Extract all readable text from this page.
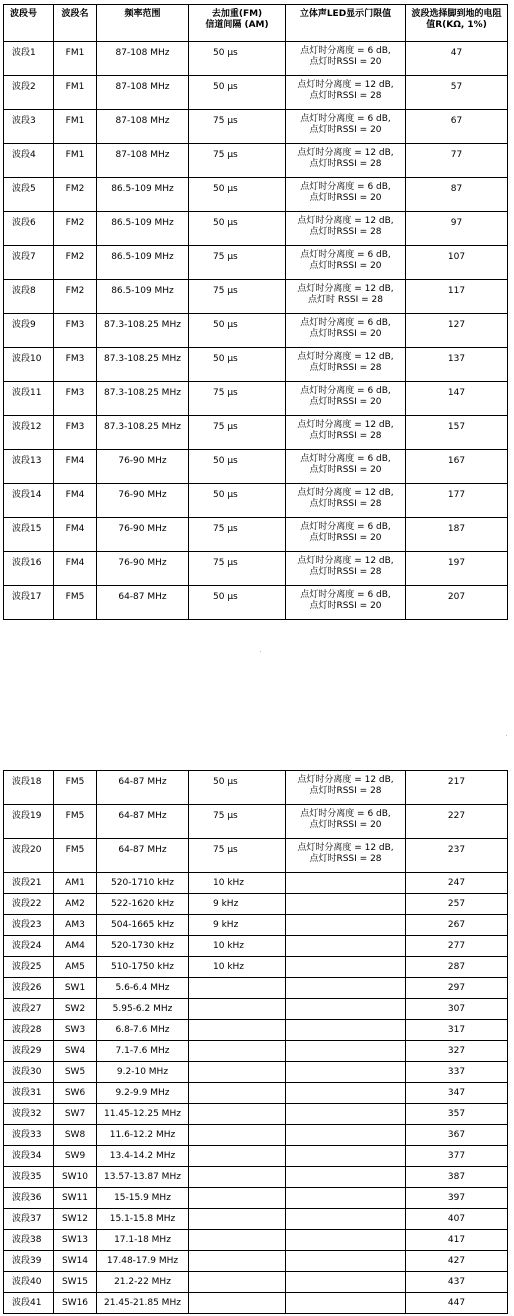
波段号	波段名	频率范围	去加重(FM)
信道间隔 (AM)	立体声LED显示门限值	波段选择脚到地的电阻
值R(KΩ, 1%)
波段1	FM1	87-108 MHz	50 μs	点灯时分离度 = 6 dB,
点灯时RSSI = 20	47
波段2	FM1	87-108 MHz	50 μs	点灯时分离度 = 12 dB,
点灯时RSSI = 28	57
波段3	FM1	87-108 MHz	75 μs	点灯时分离度 = 6 dB,
点灯时RSSI = 20	67
波段4	FM1	87-108 MHz	75 μs	点灯时分离度 = 12 dB,
点灯时RSSI = 28	77
波段5	FM2	86.5-109 MHz	50 μs	点灯时分离度 = 6 dB,
点灯时RSSI = 20	87
波段6	FM2	86.5-109 MHz	50 μs	点灯时分离度 = 12 dB,
点灯时RSSI = 28	97
波段7	FM2	86.5-109 MHz	75 μs	点灯时分离度 = 6 dB,
点灯时RSSI = 20	107
波段8	FM2	86.5-109 MHz	75 μs	点灯时分离度 = 12 dB,
点灯时 RSSI = 28	117
波段9	FM3	87.3-108.25 MHz	50 μs	点灯时分离度 = 6 dB,
点灯时RSSI = 20	127
波段10	FM3	87.3-108.25 MHz	50 μs	点灯时分离度 = 12 dB,
点灯时RSSI = 28	137
波段11	FM3	87.3-108.25 MHz	75 μs	点灯时分离度 = 6 dB,
点灯时RSSI = 20	147
波段12	FM3	87.3-108.25 MHz	75 μs	点灯时分离度 = 12 dB,
点灯时RSSI = 28	157
波段13	FM4	76-90 MHz	50 μs	点灯时分离度 = 6 dB,
点灯时RSSI = 20	167
波段14	FM4	76-90 MHz	50 μs	点灯时分离度 = 12 dB,
点灯时RSSI = 28	177
波段15	FM4	76-90 MHz	75 μs	点灯时分离度 = 6 dB,
点灯时RSSI = 20	187
波段16	FM4	76-90 MHz	75 μs	点灯时分离度 = 12 dB,
点灯时RSSI = 28	197
波段17	FM5	64-87 MHz	50 μs	点灯时分离度 = 6 dB,
点灯时RSSI = 20	207
波段18	FM5	64-87 MHz	50 μs	点灯时分离度 = 12 dB,
点灯时RSSI = 28	217
波段19	FM5	64-87 MHz	75 μs	点灯时分离度 = 6 dB,
点灯时RSSI = 20	227
波段20	FM5	64-87 MHz	75 μs	点灯时分离度 = 12 dB,
点灯时RSSI = 28	237
波段21	AM1	520-1710 kHz	10 kHz		247
波段22	AM2	522-1620 kHz	9 kHz		257
波段23	AM3	504-1665 kHz	9 kHz		267
波段24	AM4	520-1730 kHz	10 kHz		277
波段25	AM5	510-1750 kHz	10 kHz		287
波段26	SW1	5.6-6.4 MHz			297
波段27	SW2	5.95-6.2 MHz			307
波段28	SW3	6.8-7.6 MHz			317
波段29	SW4	7.1-7.6 MHz			327
波段30	SW5	9.2-10 MHz			337
波段31	SW6	9.2-9.9 MHz			347
波段32	SW7	11.45-12.25 MHz			357
波段33	SW8	11.6-12.2 MHz			367
波段34	SW9	13.4-14.2 MHz			377
波段35	SW10	13.57-13.87 MHz			387
波段36	SW11	15-15.9 MHz			397
波段37	SW12	15.1-15.8 MHz			407
波段38	SW13	17.1-18 MHz			417
波段39	SW14	17.48-17.9 MHz			427
波段40	SW15	21.2-22 MHz			437
波段41	SW16	21.45-21.85 MHz			447
